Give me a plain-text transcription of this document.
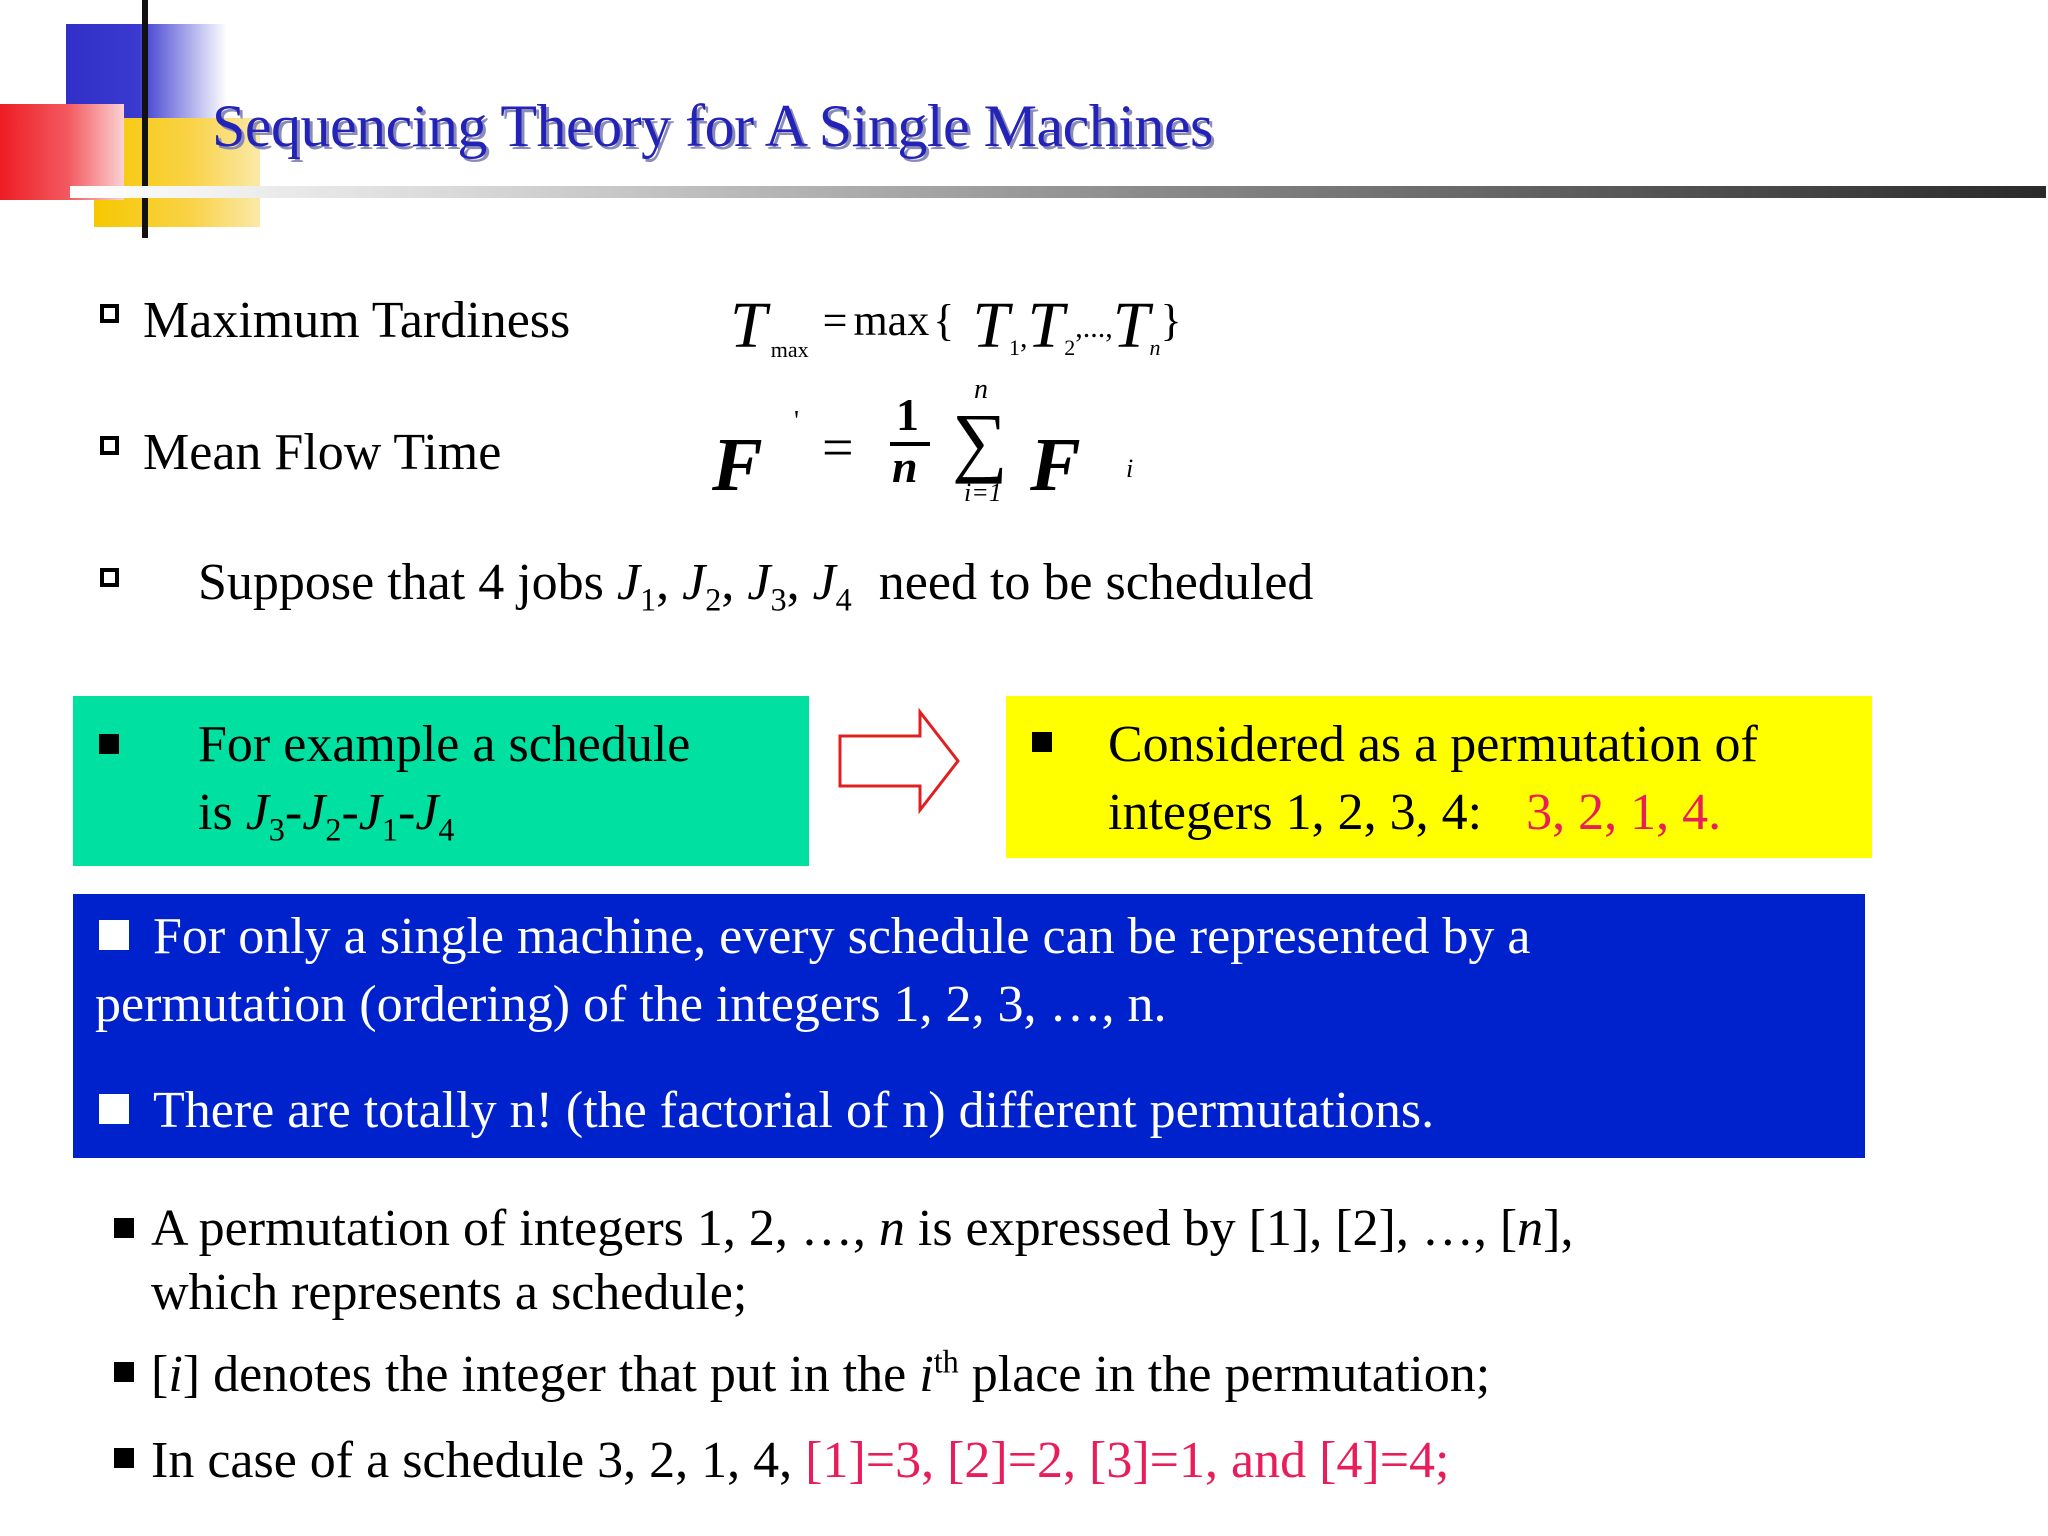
Sequencing Theory for A Single Machines
Maximum Tardiness Tmax= max{ T1,T2,...,Tn}
Mean Flow Time	F
' =
1
n
n
∑
i=1 F i
Suppose that 4 jobs $J_1$, $J_2$, $J_3$, $J_4$ need to be scheduled
For example a schedule
is $J_3-J_2-J_1-J_4$
Considered as a permutation of
integers 1, 2, 3, 4: 3, 2, 1, 4.
For only a single machine, every schedule can be represented by a
permutation (ordering) of the integers 1, 2, 3, …, n.
There are totally n! (the factorial of n) different permutations.
A permutation of integers 1, 2, …, n is expressed by [1], [2], …, [n],
which represents a schedule;
[i] denotes the integer that put in the $i^{th}$ place in the permutation;
In case of a schedule 3, 2, 1, 4, [1]=3, [2]=2, [3]=1, and [4]=4;
